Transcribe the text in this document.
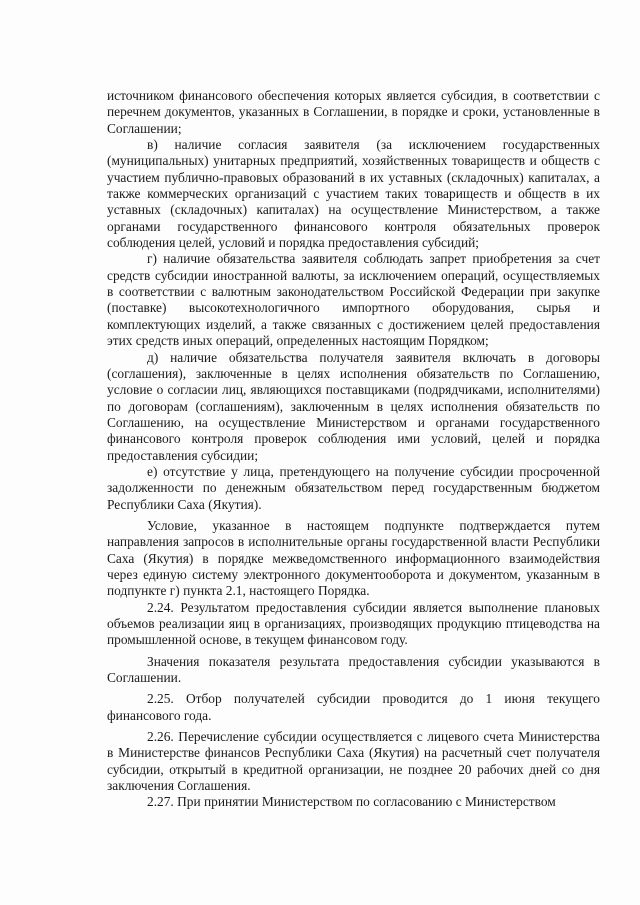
источником финансового обеспечения которых является субсидия, в соответствии с перечнем документов, указанных в Соглашении, в порядке и сроки, установленные в Соглашении;

в) наличие согласия заявителя (за исключением государственных (муниципальных) унитарных предприятий, хозяйственных товариществ и обществ с участием публично-правовых образований в их уставных (складочных) капиталах, а также коммерческих организаций с участием таких товариществ и обществ в их уставных (складочных) капиталах) на осуществление Министерством, а также органами государственного финансового контроля обязательных проверок соблюдения целей, условий и порядка предоставления субсидий;

г) наличие обязательства заявителя соблюдать запрет приобретения за счет средств субсидии иностранной валюты, за исключением операций, осуществляемых в соответствии с валютным законодательством Российской Федерации при закупке (поставке) высокотехнологичного импортного оборудования, сырья и комплектующих изделий, а также связанных с достижением целей предоставления этих средств иных операций, определенных настоящим Порядком;

д) наличие обязательства получателя заявителя включать в договоры (соглашения), заключенные в целях исполнения обязательств по Соглашению, условие о согласии лиц, являющихся поставщиками (подрядчиками, исполнителями) по договорам (соглашениям), заключенным в целях исполнения обязательств по Соглашению, на осуществление Министерством и органами государственного финансового контроля проверок соблюдения ими условий, целей и порядка предоставления субсидии;

е) отсутствие у лица, претендующего на получение субсидии просроченной задолженности по денежным обязательством перед государственным бюджетом Республики Саха (Якутия).

Условие, указанное в настоящем подпункте подтверждается путем направления запросов в исполнительные органы государственной власти Республики Саха (Якутия) в порядке межведомственного информационного взаимодействия через единую систему электронного документооборота и документом, указанным в подпункте г) пункта 2.1, настоящего Порядка.

2.24. Результатом предоставления субсидии является выполнение плановых объемов реализации яиц в организациях, производящих продукцию птицеводства на промышленной основе, в текущем финансовом году.

Значения показателя результата предоставления субсидии указываются в Соглашении.

2.25. Отбор получателей субсидии проводится до 1 июня текущего финансового года.

2.26. Перечисление субсидии осуществляется с лицевого счета Министерства в Министерстве финансов Республики Саха (Якутия) на расчетный счет получателя субсидии, открытый в кредитной организации, не позднее 20 рабочих дней со дня заключения Соглашения.

2.27. При принятии Министерством по согласованию с Министерством
